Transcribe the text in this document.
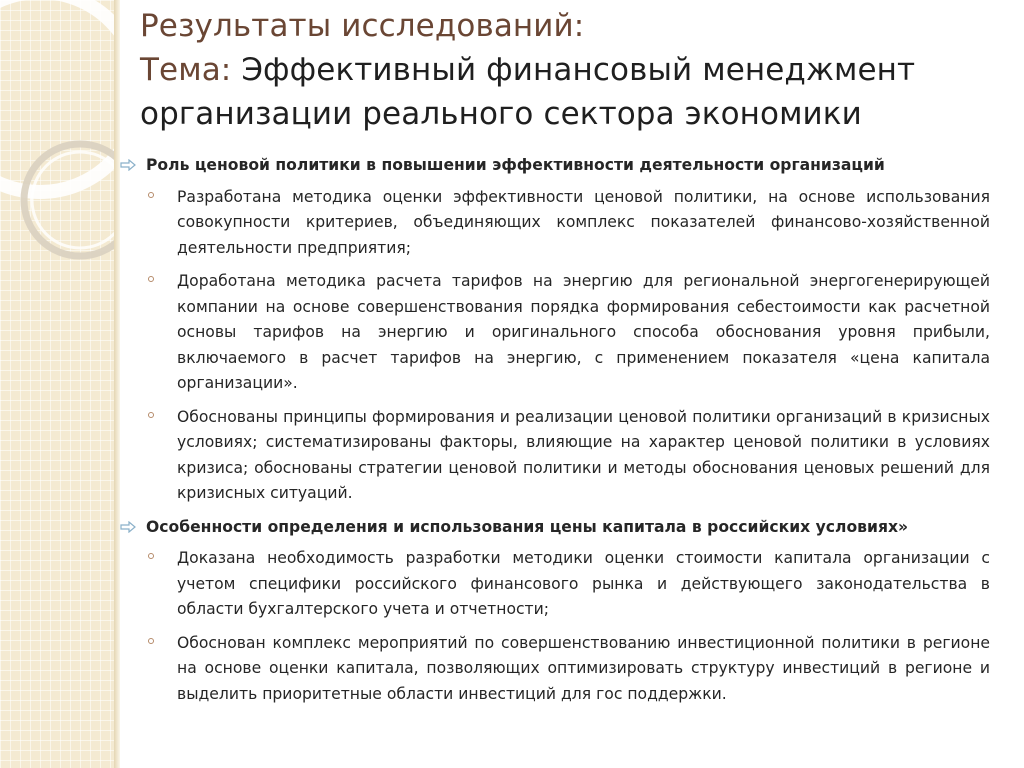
Результаты исследований:
Тема: Эффективный финансовый менеджмент
организации реального сектора экономики
Роль ценовой политики в повышении эффективности деятельности организаций
Разработана методика оценки эффективности ценовой политики, на основе использования совокупности критериев, объединяющих комплекс показателей финансово-хозяйственной деятельности предприятия;
Доработана методика расчета тарифов на энергию для региональной энергогенерирующей компании на основе совершенствования порядка формирования себестоимости как расчетной основы тарифов на энергию и оригинального способа обоснования уровня прибыли, включаемого в расчет тарифов на энергию, с применением показателя «цена капитала организации».
Обоснованы принципы формирования и реализации ценовой политики организаций в кризисных условиях; систематизированы факторы, влияющие на характер ценовой политики в условиях кризиса; обоснованы стратегии ценовой политики и методы обоснования ценовых решений для кризисных ситуаций.
Особенности определения и использования цены капитала в российских условиях»
Доказана необходимость разработки методики оценки стоимости капитала организации с учетом специфики российского финансового рынка и действующего законодательства в области бухгалтерского учета и отчетности;
Обоснован комплекс мероприятий по совершенствованию инвестиционной политики в регионе на основе оценки капитала, позволяющих оптимизировать структуру инвестиций в регионе и выделить приоритетные области инвестиций для гос поддержки.
